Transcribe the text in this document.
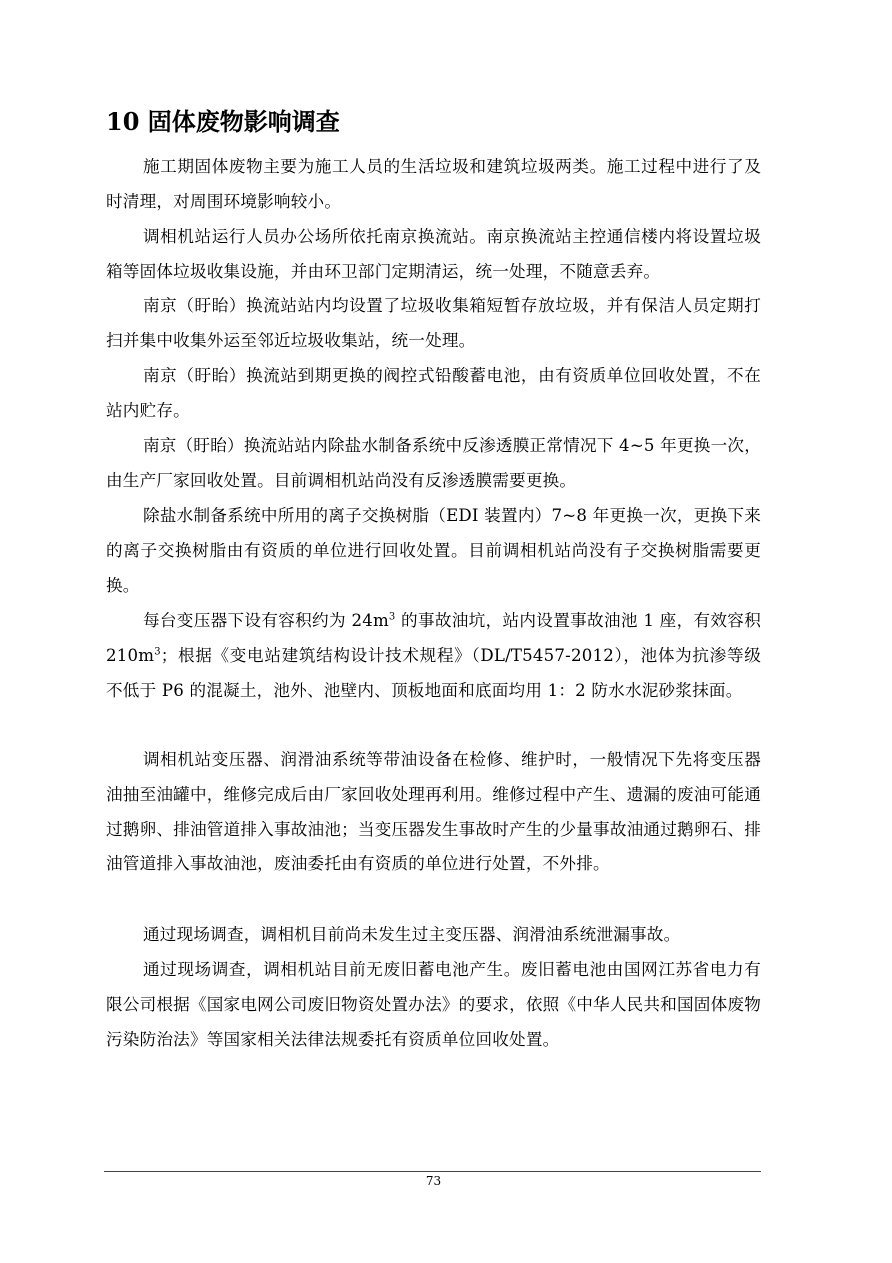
10 固体废物影响调查

施工期固体废物主要为施工人员的生活垃圾和建筑垃圾两类。施工过程中进行了及时清理，对周围环境影响较小。

调相机站运行人员办公场所依托南京换流站。南京换流站主控通信楼内将设置垃圾箱等固体垃圾收集设施，并由环卫部门定期清运，统一处理，不随意丢弃。

南京（盱眙）换流站站内均设置了垃圾收集箱短暂存放垃圾，并有保洁人员定期打扫并集中收集外运至邻近垃圾收集站，统一处理。

南京（盱眙）换流站到期更换的阀控式铅酸蓄电池，由有资质单位回收处置，不在站内贮存。

南京（盱眙）换流站站内除盐水制备系统中反渗透膜正常情况下 4~5 年更换一次，由生产厂家回收处置。目前调相机站尚没有反渗透膜需要更换。

除盐水制备系统中所用的离子交换树脂（EDI 装置内）7~8 年更换一次，更换下来的离子交换树脂由有资质的单位进行回收处置。目前调相机站尚没有子交换树脂需要更换。

每台变压器下设有容积约为 $24m^3$ 的事故油坑，站内设置事故油池 1 座，有效容积 $210m^3$；根据《变电站建筑结构设计技术规程》（DL/T5457-2012），池体为抗渗等级不低于 P6 的混凝土，池外、池壁内、顶板地面和底面均用 1：2 防水水泥砂浆抹面。

调相机站变压器、润滑油系统等带油设备在检修、维护时，一般情况下先将变压器油抽至油罐中，维修完成后由厂家回收处理再利用。维修过程中产生、遗漏的废油可能通过鹅卵、排油管道排入事故油池；当变压器发生事故时产生的少量事故油通过鹅卵石、排油管道排入事故油池，废油委托由有资质的单位进行处置，不外排。

通过现场调查，调相机目前尚未发生过主变压器、润滑油系统泄漏事故。

通过现场调查，调相机站目前无废旧蓄电池产生。废旧蓄电池由国网江苏省电力有限公司根据《国家电网公司废旧物资处置办法》的要求，依照《中华人民共和国固体废物污染防治法》等国家相关法律法规委托有资质单位回收处置。

73
